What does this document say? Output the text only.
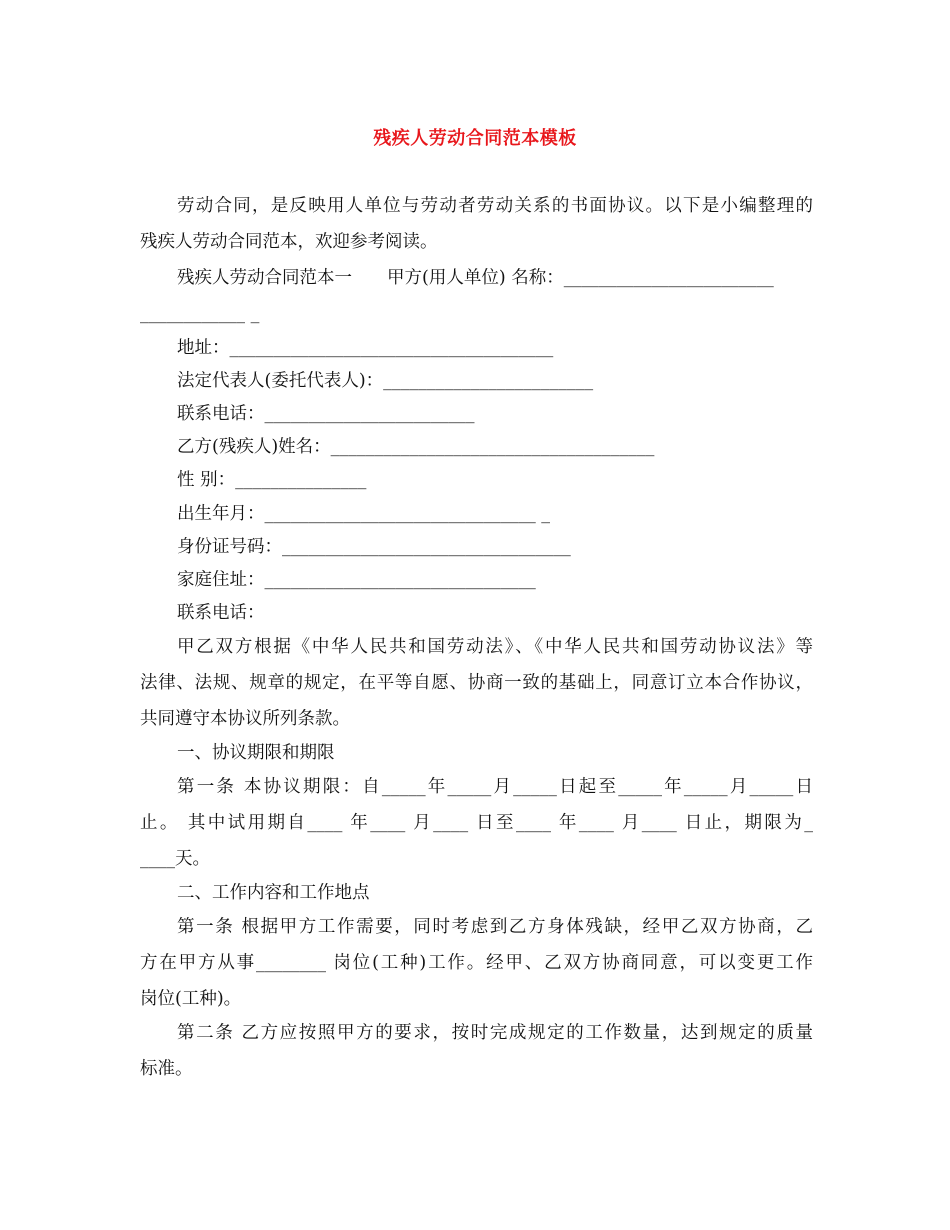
残疾人劳动合同范本模板
劳动合同，是反映用人单位与劳动者劳动关系的书面协议。以下是小编整理的
残疾人劳动合同范本，欢迎参考阅读。
残疾人劳动合同范本一　　甲方(用人单位) 名称：________________________
____________ _
地址：_____________________________________
法定代表人(委托代表人)：________________________
联系电话：________________________
乙方(残疾人)姓名：_____________________________________
性 别：_______________
出生年月：_______________________________ _
身份证号码：_________________________________
家庭住址：_______________________________
联系电话：
甲乙双方根据《中华人民共和国劳动法》、《中华人民共和国劳动协议法》等
法律、法规、规章的规定，在平等自愿、协商一致的基础上，同意订立本合作协议，
共同遵守本协议所列条款。
一、协议期限和期限
第一条 本协议期限：自_____年_____月_____日起至_____年_____月_____日
止。 其中试用期自____ 年____ 月____ 日至____ 年____ 月____ 日止，期限为_
____天。
二、工作内容和工作地点
第一条 根据甲方工作需要，同时考虑到乙方身体残缺，经甲乙双方协商，乙
方在甲方从事________ 岗位(工种)工作。经甲、乙双方协商同意，可以变更工作
岗位(工种)。
第二条 乙方应按照甲方的要求，按时完成规定的工作数量，达到规定的质量
标准。
